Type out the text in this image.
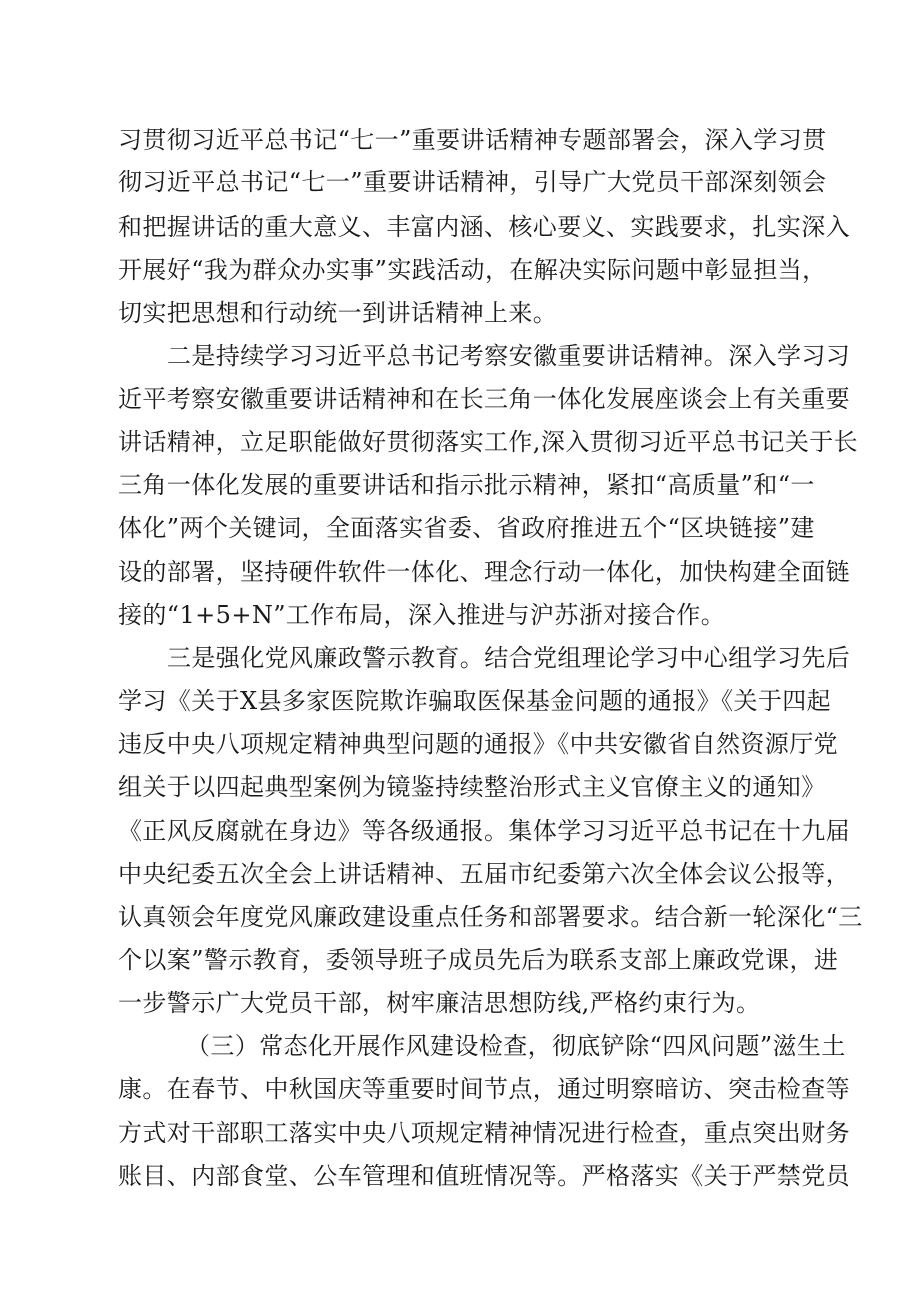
习贯彻习近平总书记“七一”重要讲话精神专题部署会，深入学习贯
彻习近平总书记“七一”重要讲话精神，引导广大党员干部深刻领会
和把握讲话的重大意义、丰富内涵、核心要义、实践要求，扎实深入
开展好“我为群众办实事”实践活动，在解决实际问题中彰显担当，
切实把思想和行动统一到讲话精神上来。
二是持续学习习近平总书记考察安徽重要讲话精神。深入学习习
近平考察安徽重要讲话精神和在长三角一体化发展座谈会上有关重要
讲话精神，立足职能做好贯彻落实工作,深入贯彻习近平总书记关于长
三角一体化发展的重要讲话和指示批示精神，紧扣“高质量”和“一
体化”两个关键词，全面落实省委、省政府推进五个“区块链接”建
设的部署，坚持硬件软件一体化、理念行动一体化，加快构建全面链
接的“1+5+N”工作布局，深入推进与沪苏浙对接合作。
三是强化党风廉政警示教育。结合党组理论学习中心组学习先后
学习《关于X县多家医院欺诈骗取医保基金问题的通报》《关于四起
违反中央八项规定精神典型问题的通报》《中共安徽省自然资源厅党
组关于以四起典型案例为镜鉴持续整治形式主义官僚主义的通知》
《正风反腐就在身边》等各级通报。集体学习习近平总书记在十九届
中央纪委五次全会上讲话精神、五届市纪委第六次全体会议公报等，
认真领会年度党风廉政建设重点任务和部署要求。结合新一轮深化“三
个以案”警示教育，委领导班子成员先后为联系支部上廉政党课，进
一步警示广大党员干部，树牢廉洁思想防线,严格约束行为。
（三）常态化开展作风建设检查，彻底铲除“四风问题”滋生土
康。在春节、中秋国庆等重要时间节点，通过明察暗访、突击检查等
方式对干部职工落实中央八项规定精神情况进行检查，重点突出财务
账目、内部食堂、公车管理和值班情况等。严格落实《关于严禁党员
